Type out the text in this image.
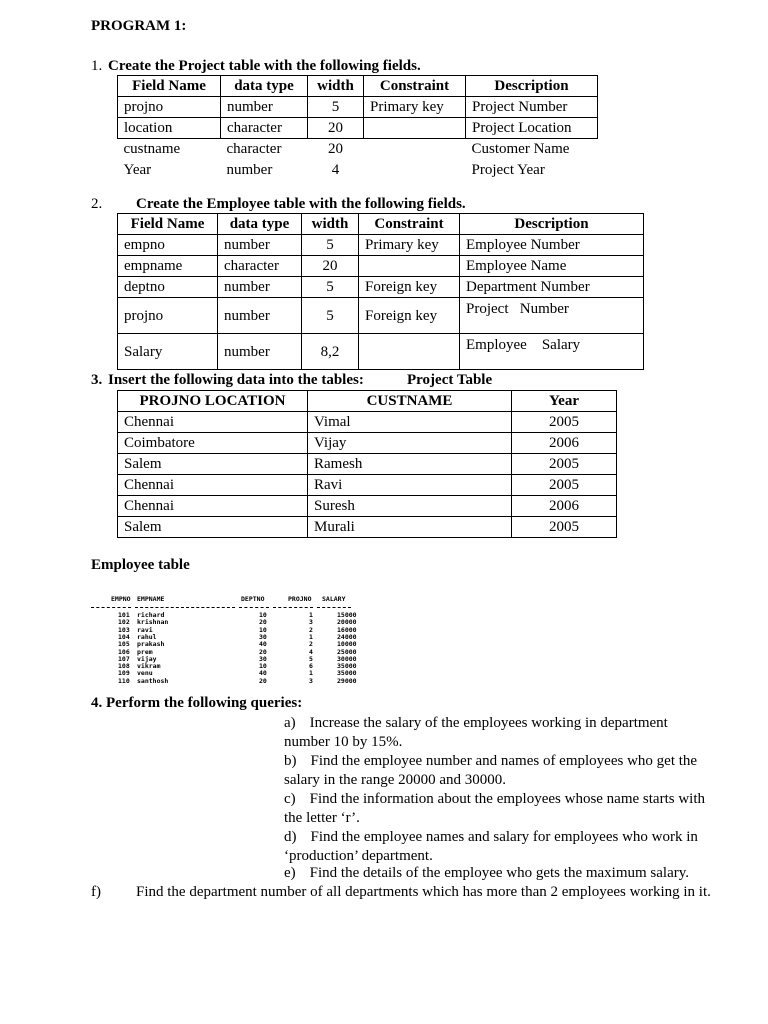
PROGRAM 1:
1. Create the Project table with the following fields.
Field Name	data type	width	Constraint	Description
projno	number	5	Primary key	Project Number
location	character	20		Project Location
custname	character	20		Customer Name
Year	number	4		Project Year
2. Create the Employee table with the following fields.
Field Name	data type	width	Constraint	Description
empno	number	5	Primary key	Employee Number
empname	character	20		Employee Name
deptno	number	5	Foreign key	Department Number
projno	number	5	Foreign key	Project   Number
Salary	number	8,2		Employee    Salary
3. Insert the following data into the tables:	Project Table
PROJNO LOCATION	CUSTNAME	Year
Chennai	Vimal	2005
Coimbatore	Vijay	2006
Salem	Ramesh	2005
Chennai	Ravi	2005
Chennai	Suresh	2006
Salem	Murali	2005
Employee table
EMPNO EMPNAME	DEPTNO	PROJNO SALARY
101 richard	10	1	15000
102 krishnan	20	3	20000
103 ravi	10	2	16000
104 rahul	30	1	24000
105 prakash	40	2	10000
106 prem	20	4	25000
107 vijay	30	5	30000
108 vikram	10	6	35000
109 venu	40	1	35000
110 santhosh	20	3	29000
4. Perform the following queries:
a) Increase the salary of the employees working in department
number 10 by 15%.
b) Find the employee number and names of employees who get the
salary in the range 20000 and 30000.
c) Find the information about the employees whose name starts with
the letter ‘r’.
d) Find the employee names and salary for employees who work in
‘production’ department.
e) Find the details of the employee who gets the maximum salary.
f) Find the department number of all departments which has more than 2 employees working in it.
